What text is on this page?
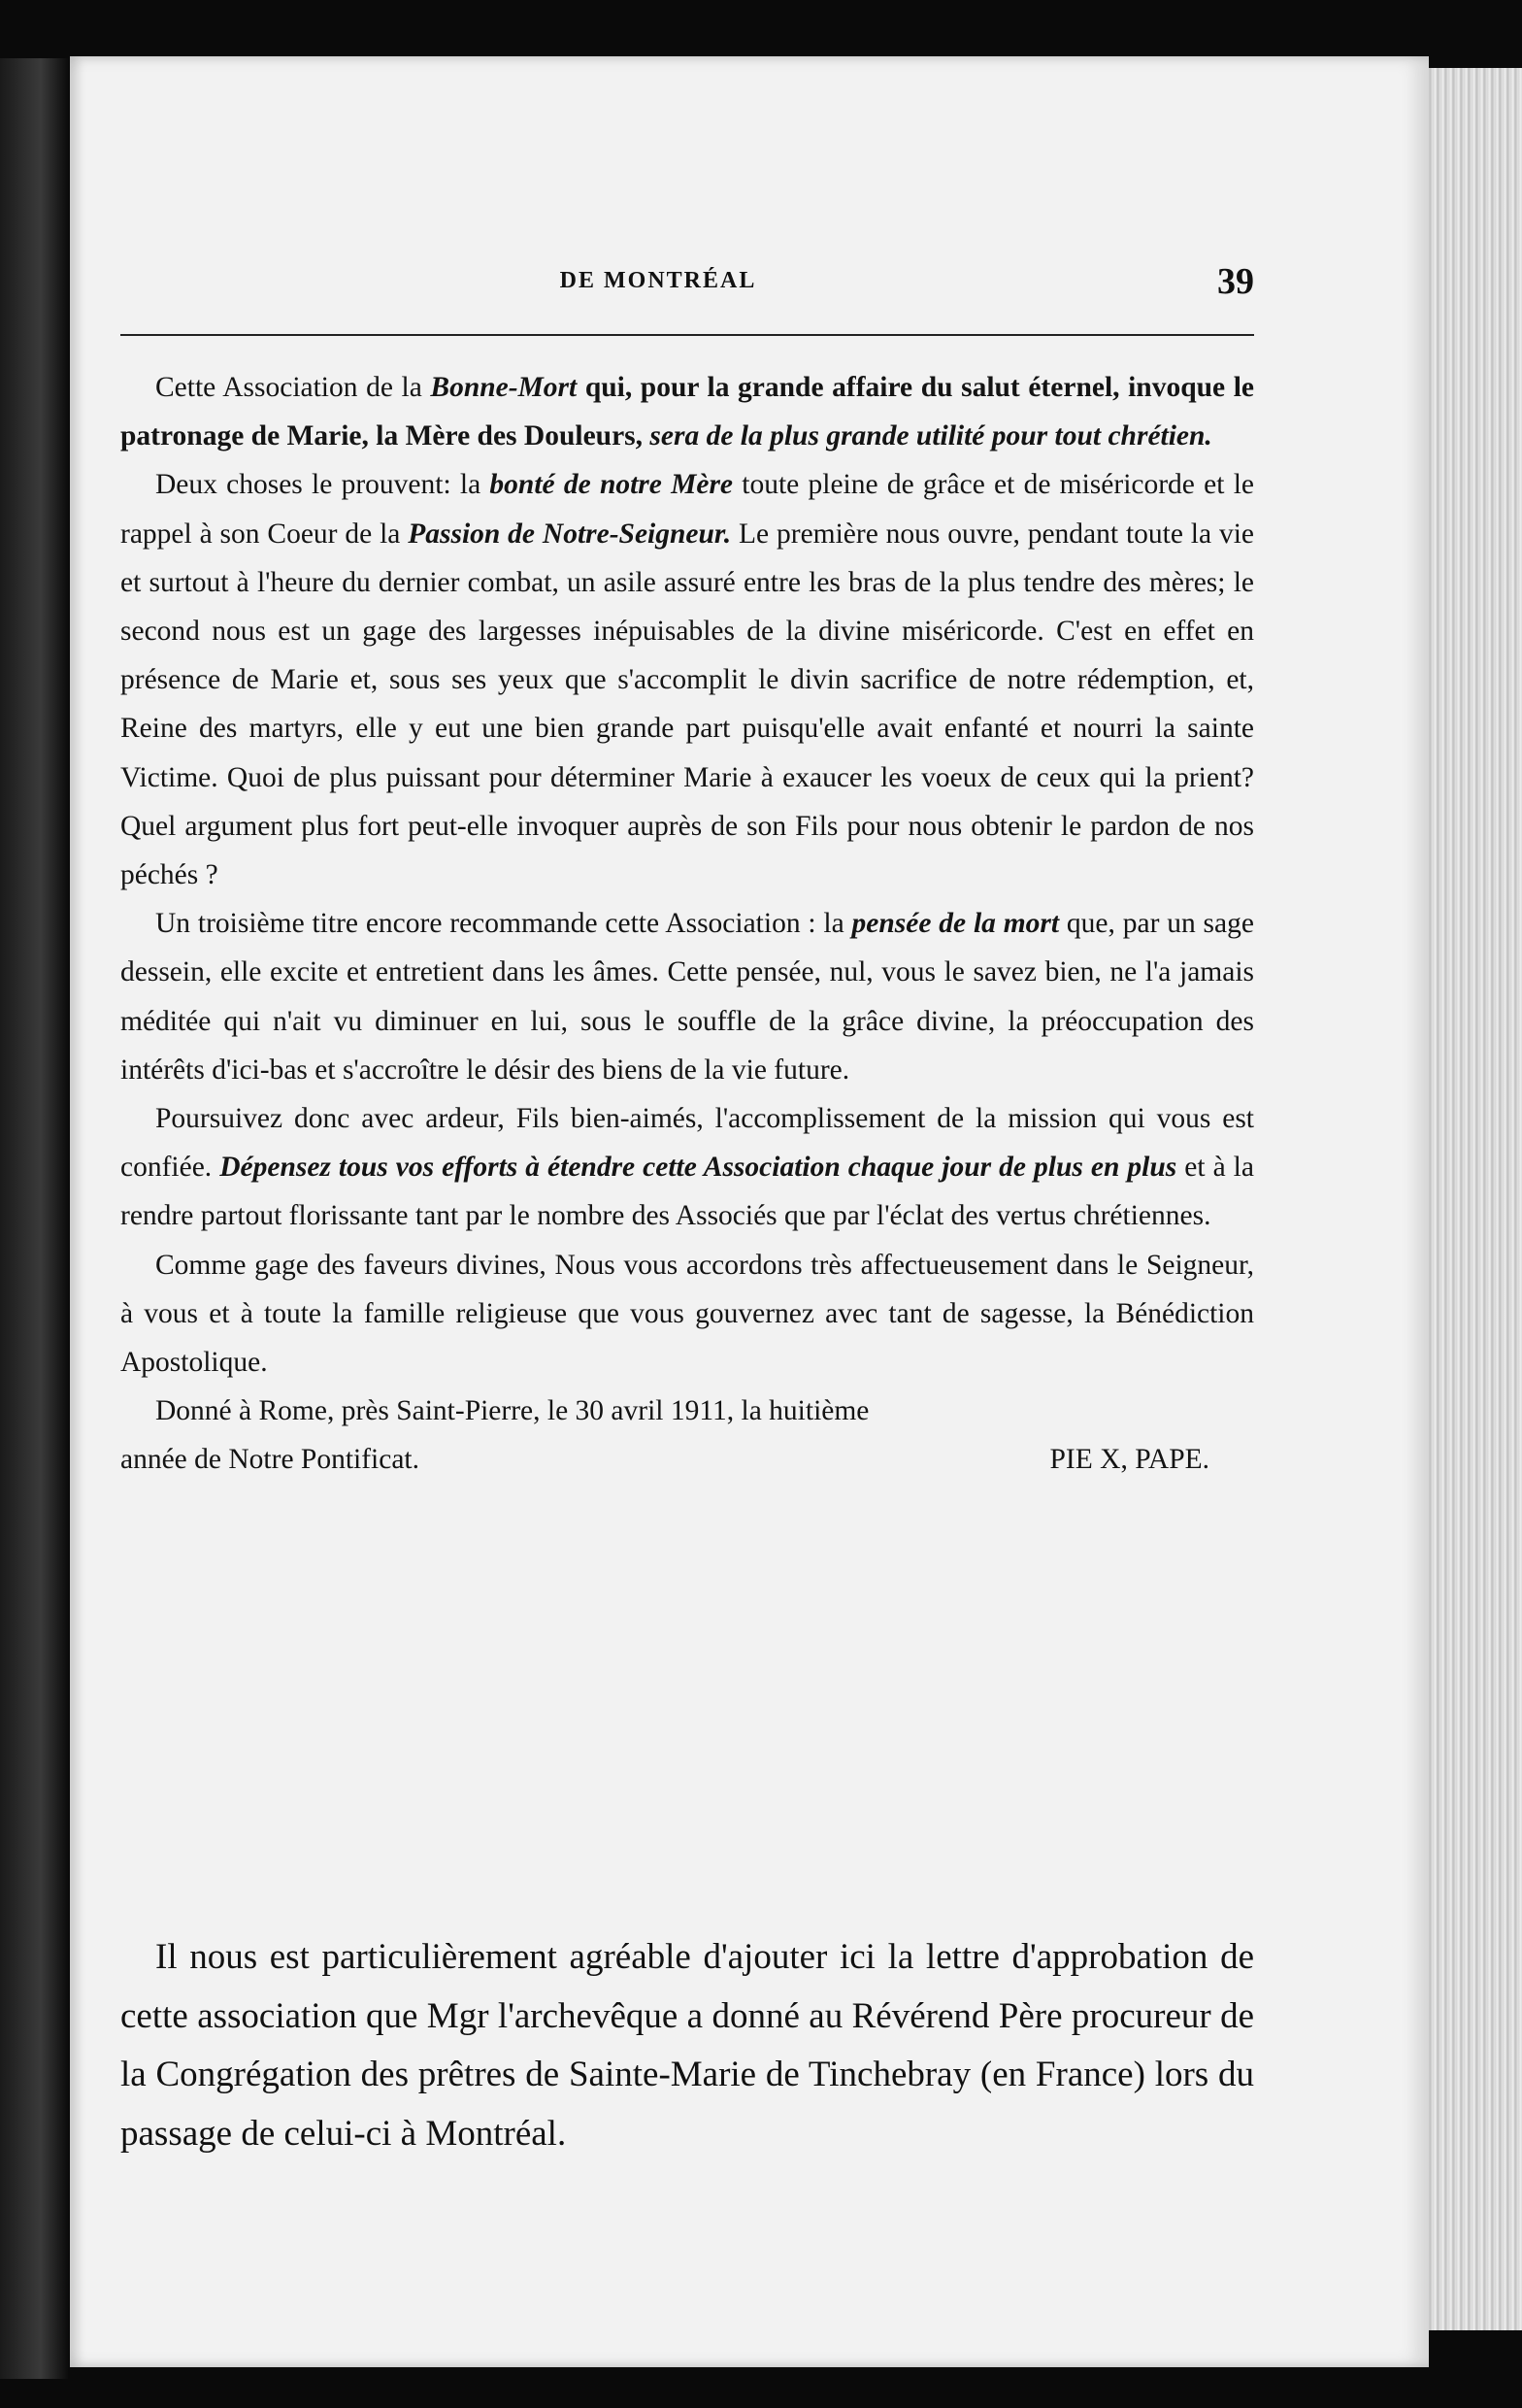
DE MONTRÉAL	39

Cette Association de la Bonne-Mort qui, pour la grande affaire du salut éternel, invoque le patronage de Marie, la Mère des Douleurs, sera de la plus grande utilité pour tout chrétien.

Deux choses le prouvent: la bonté de notre Mère toute pleine de grâce et de miséricorde et le rappel à son Coeur de la Passion de Notre-Seigneur. Le première nous ouvre, pendant toute la vie et surtout à l'heure du dernier combat, un asile assuré entre les bras de la plus tendre des mères; le second nous est un gage des largesses inépuisables de la divine miséricorde. C'est en effet en présence de Marie et, sous ses yeux que s'accomplit le divin sacrifice de notre rédemption, et, Reine des martyrs, elle y eut une bien grande part puisqu'elle avait enfanté et nourri la sainte Victime. Quoi de plus puissant pour déterminer Marie à exaucer les voeux de ceux qui la prient? Quel argument plus fort peut-elle invoquer auprès de son Fils pour nous obtenir le pardon de nos péchés ?

Un troisième titre encore recommande cette Association : la pensée de la mort que, par un sage dessein, elle excite et entretient dans les âmes. Cette pensée, nul, vous le savez bien, ne l'a jamais méditée qui n'ait vu diminuer en lui, sous le souffle de la grâce divine, la préoccupation des intérêts d'ici-bas et s'accroître le désir des biens de la vie future.

Poursuivez donc avec ardeur, Fils bien-aimés, l'accomplissement de la mission qui vous est confiée. Dépensez tous vos efforts à étendre cette Association chaque jour de plus en plus et à la rendre partout florissante tant par le nombre des Associés que par l'éclat des vertus chrétiennes.

Comme gage des faveurs divines, Nous vous accordons très affectueusement dans le Seigneur, à vous et à toute la famille religieuse que vous gouvernez avec tant de sagesse, la Bénédiction Apostolique.

Donné à Rome, près Saint-Pierre, le 30 avril 1911, la huitième

année de Notre Pontificat.	PIE X, PAPE.

Il nous est particulièrement agréable d'ajouter ici la lettre d'approbation de cette association que Mgr l'archevêque a donné au Révérend Père procureur de la Congrégation des prêtres de Sainte-Marie de Tinchebray (en France) lors du passage de celui-ci à Montréal.
